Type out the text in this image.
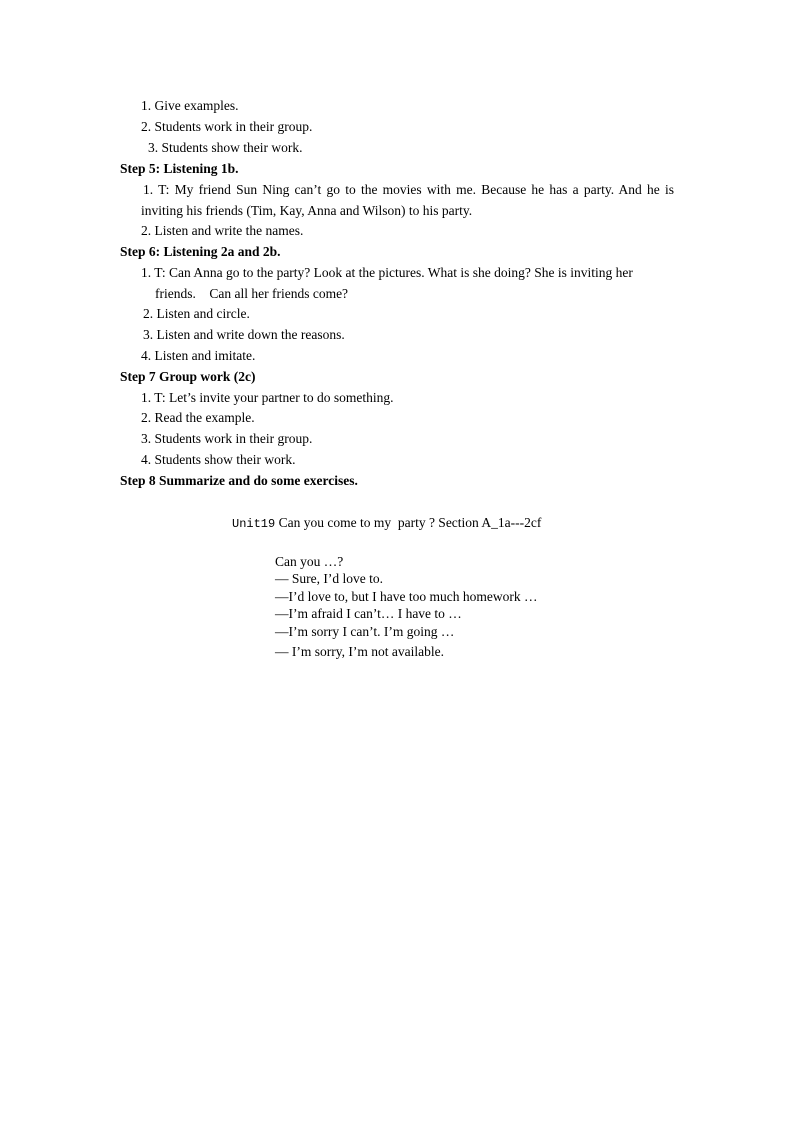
1. Give examples.
2. Students work in their group.
3. Students show their work.
Step 5: Listening 1b.
1. T: My friend Sun Ning can’t go to the movies with me. Because he has a party. And he is
inviting his friends (Tim, Kay, Anna and Wilson) to his party.
2. Listen and write the names.
Step 6: Listening 2a and 2b.
1. T: Can Anna go to the party? Look at the pictures. What is she doing? She is inviting her
friends.    Can all her friends come?
2. Listen and circle.
3. Listen and write down the reasons.
4. Listen and imitate.
Step 7 Group work (2c)
1. T: Let’s invite your partner to do something.
2. Read the example.
3. Students work in their group.
4. Students show their work.
Step 8 Summarize and do some exercises.
Unit19 Can you come to my  party ? Section A_1a---2cf
Can you …?
— Sure, I’d love to.
—I’d love to, but I have too much homework …
—I’m afraid I can’t… I have to …
—I’m sorry I can’t. I’m going …
— I’m sorry, I’m not available.
